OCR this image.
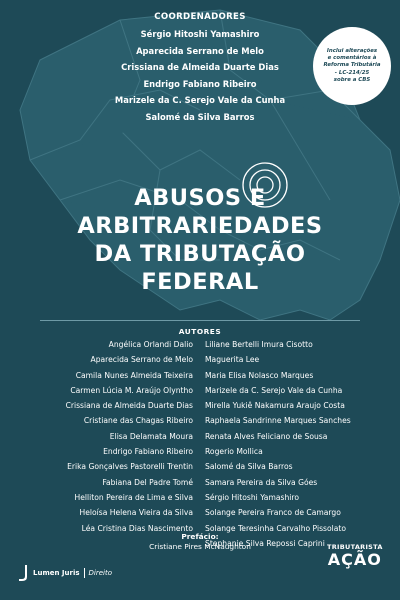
COORDENADORES
Sérgio Hitoshi Yamashiro
Aparecida Serrano de Melo
Crissiana de Almeida Duarte Dias
Endrigo Fabiano Ribeiro
Marizele da C. Serejo Vale da Cunha
Salomé da Silva Barros
Inclui alterações
e comentários à
Reforma Tributária
- LC-214/25
sobre a CBS
ABUSOS E
ARBITRARIEDADES
DA TRIBUTAÇÃO
FEDERAL
AUTORES
Angélica Orlandi Dalio
Aparecida Serrano de Melo
Camila Nunes Almeida Teixeira
Carmen Lúcia M. Araújo Olyntho
Crissiana de Almeida Duarte Dias
Cristiane das Chagas Ribeiro
Elisa Delamata Moura
Endrigo Fabiano Ribeiro
Erika Gonçalves Pastorelli Trentin
Fabiana Del Padre Tomé
Helliton Pereira de Lima e Silva
Heloísa Helena Vieira da Silva
Léa Cristina Dias Nascimento
Liliane Bertelli Imura Cisotto
Maguerita Lee
Maria Elisa Nolasco Marques
Marizele da C. Serejo Vale da Cunha
Mirella Yukiê Nakamura Araujo Costa
Raphaela Sandrinne Marques Sanches
Renata Alves Feliciano de Sousa
Rogerio Mollica
Salomé da Silva Barros
Samara Pereira da Silva Góes
Sérgio Hitoshi Yamashiro
Solange Pereira Franco de Camargo
Solange Teresinha Carvalho Pissolato
Stephanie Silva Repossi Caprini
Prefácio:
Cristiane Pires McNaughton
Lumen Juris Direito
TRIBUTARISTA
AÇÃO
